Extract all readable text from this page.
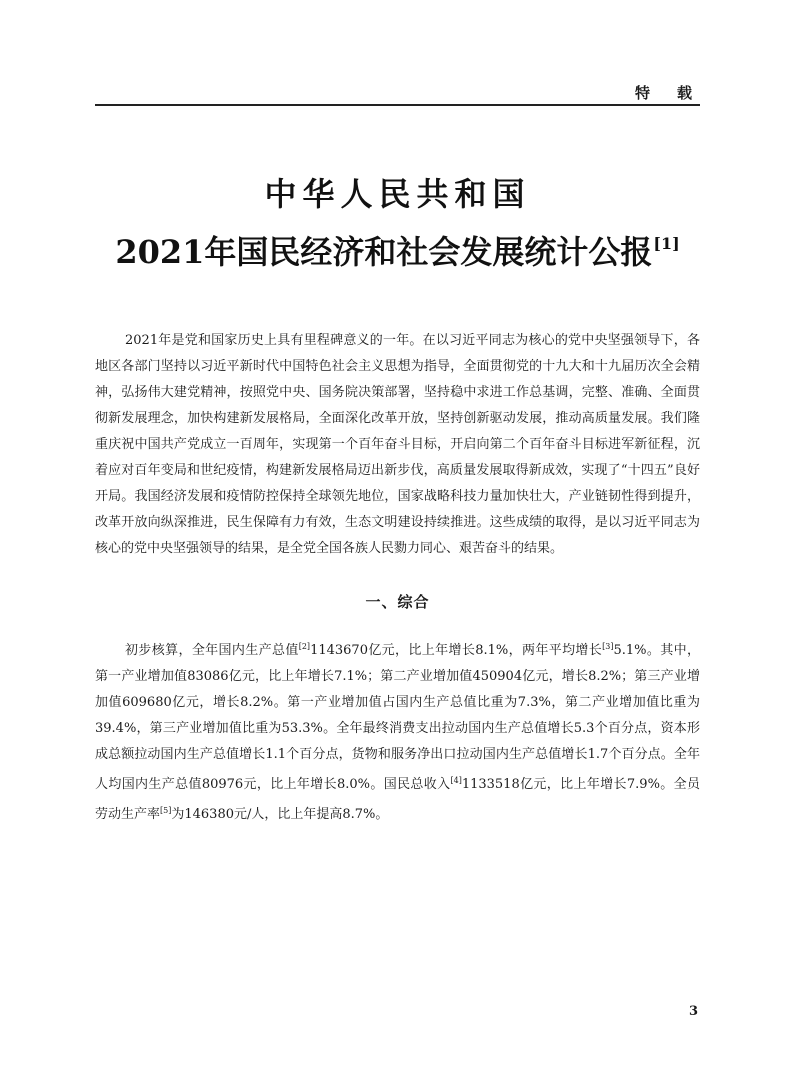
特　载

中华人民共和国
2021年国民经济和社会发展统计公报[1]

2021年是党和国家历史上具有里程碑意义的一年。在以习近平同志为核心的党中央坚强领导下，各地区各部门坚持以习近平新时代中国特色社会主义思想为指导，全面贯彻党的十九大和十九届历次全会精神，弘扬伟大建党精神，按照党中央、国务院决策部署，坚持稳中求进工作总基调，完整、准确、全面贯彻新发展理念，加快构建新发展格局，全面深化改革开放，坚持创新驱动发展，推动高质量发展。我们隆重庆祝中国共产党成立一百周年，实现第一个百年奋斗目标，开启向第二个百年奋斗目标进军新征程，沉着应对百年变局和世纪疫情，构建新发展格局迈出新步伐，高质量发展取得新成效，实现了“十四五”良好开局。我国经济发展和疫情防控保持全球领先地位，国家战略科技力量加快壮大，产业链韧性得到提升，改革开放向纵深推进，民生保障有力有效，生态文明建设持续推进。这些成绩的取得，是以习近平同志为核心的党中央坚强领导的结果，是全党全国各族人民勠力同心、艰苦奋斗的结果。

一、综合

初步核算，全年国内生产总值[2]1143670亿元，比上年增长8.1%，两年平均增长[3]5.1%。其中，第一产业增加值83086亿元，比上年增长7.1%；第二产业增加值450904亿元，增长8.2%；第三产业增加值609680亿元，增长8.2%。第一产业增加值占国内生产总值比重为7.3%，第二产业增加值比重为39.4%，第三产业增加值比重为53.3%。全年最终消费支出拉动国内生产总值增长5.3个百分点，资本形成总额拉动国内生产总值增长1.1个百分点，货物和服务净出口拉动国内生产总值增长1.7个百分点。全年人均国内生产总值80976元，比上年增长8.0%。国民总收入[4]1133518亿元，比上年增长7.9%。全员劳动生产率[5]为146380元/人，比上年提高8.7%。

3
